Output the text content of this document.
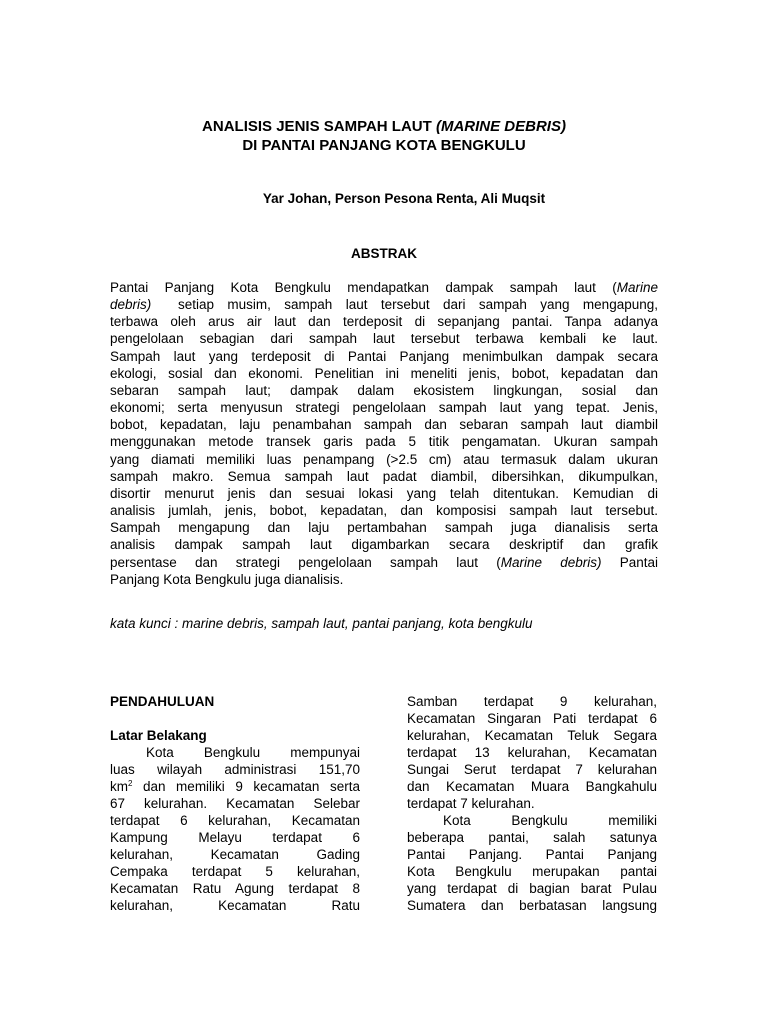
ANALISIS JENIS SAMPAH LAUT (MARINE DEBRIS)
DI PANTAI PANJANG KOTA BENGKULU
Yar Johan, Person Pesona Renta, Ali Muqsit
ABSTRAK
Pantai Panjang Kota Bengkulu mendapatkan dampak sampah laut (Marine
debris)  setiap musim, sampah laut tersebut dari sampah yang mengapung,
terbawa oleh arus air laut dan terdeposit di sepanjang pantai. Tanpa adanya
pengelolaan sebagian dari sampah laut tersebut terbawa kembali ke laut.
Sampah laut yang terdeposit di Pantai Panjang menimbulkan dampak secara
ekologi, sosial dan ekonomi. Penelitian ini meneliti jenis, bobot, kepadatan dan
sebaran sampah laut; dampak dalam ekosistem lingkungan, sosial dan
ekonomi; serta menyusun strategi pengelolaan sampah laut yang tepat. Jenis,
bobot, kepadatan, laju penambahan sampah dan sebaran sampah laut diambil
menggunakan metode transek garis pada 5 titik pengamatan. Ukuran sampah
yang diamati memiliki luas penampang (>2.5 cm) atau termasuk dalam ukuran
sampah makro. Semua sampah laut padat diambil, dibersihkan, dikumpulkan,
disortir menurut jenis dan sesuai lokasi yang telah ditentukan. Kemudian di
analisis jumlah, jenis, bobot, kepadatan, dan komposisi sampah laut tersebut.
Sampah mengapung dan laju pertambahan sampah juga dianalisis serta
analisis dampak sampah laut digambarkan secara deskriptif dan grafik
persentase dan strategi pengelolaan sampah laut (Marine debris) Pantai
Panjang Kota Bengkulu juga dianalisis.
kata kunci : marine debris, sampah laut, pantai panjang, kota bengkulu
PENDAHULUAN
Latar Belakang
Kota Bengkulu mempunyai
luas wilayah administrasi 151,70
$km^2$ dan memiliki 9 kecamatan serta
67 kelurahan. Kecamatan Selebar
terdapat 6 kelurahan, Kecamatan
Kampung Melayu terdapat 6
kelurahan, Kecamatan Gading
Cempaka terdapat 5 kelurahan,
Kecamatan Ratu Agung terdapat 8
kelurahan, Kecamatan Ratu
Samban terdapat 9 kelurahan,
Kecamatan Singaran Pati terdapat 6
kelurahan, Kecamatan Teluk Segara
terdapat 13 kelurahan, Kecamatan
Sungai Serut terdapat 7 kelurahan
dan Kecamatan Muara Bangkahulu
terdapat 7 kelurahan.
Kota Bengkulu memiliki
beberapa pantai, salah satunya
Pantai Panjang. Pantai Panjang
Kota Bengkulu merupakan pantai
yang terdapat di bagian barat Pulau
Sumatera dan berbatasan langsung
